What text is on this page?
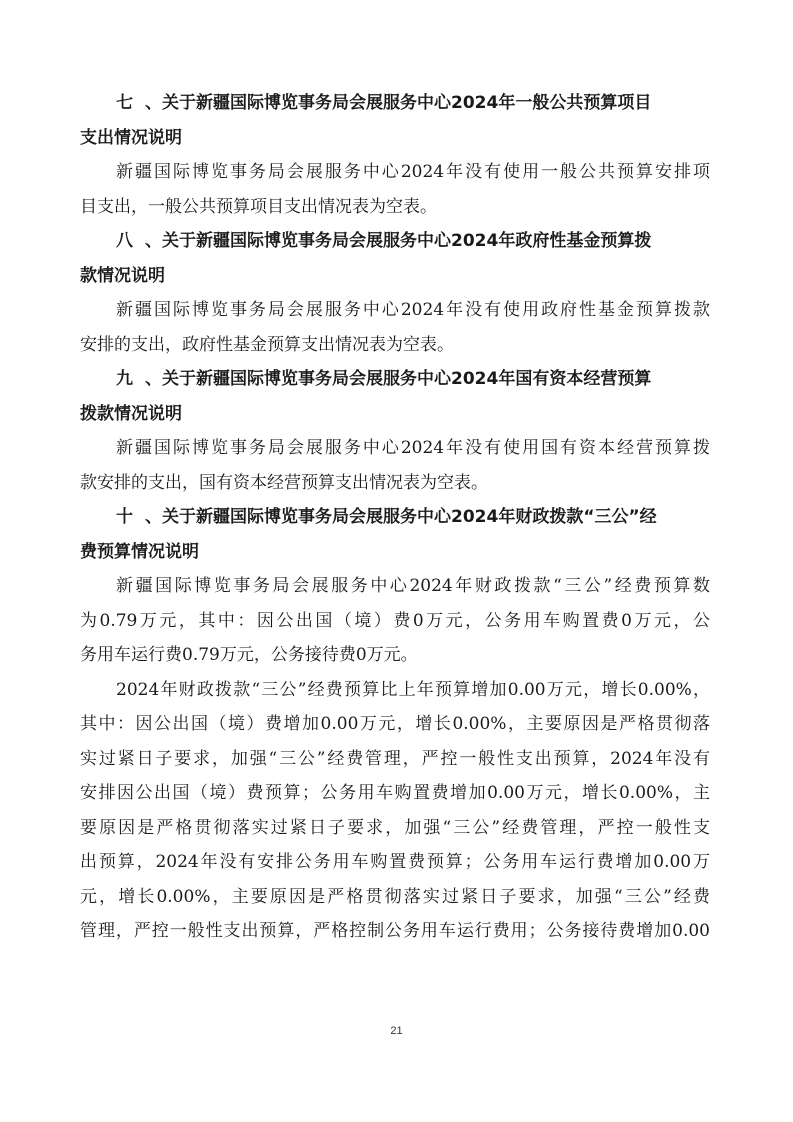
七、关于新疆国际博览事务局会展服务中心2024年一般公共预算项目
支出情况说明
新疆国际博览事务局会展服务中心2024年没有使用一般公共预算安排项
目支出，一般公共预算项目支出情况表为空表。
八、关于新疆国际博览事务局会展服务中心2024年政府性基金预算拨
款情况说明
新疆国际博览事务局会展服务中心2024年没有使用政府性基金预算拨款
安排的支出，政府性基金预算支出情况表为空表。
九、关于新疆国际博览事务局会展服务中心2024年国有资本经营预算
拨款情况说明
新疆国际博览事务局会展服务中心2024年没有使用国有资本经营预算拨
款安排的支出，国有资本经营预算支出情况表为空表。
十、关于新疆国际博览事务局会展服务中心2024年财政拨款“三公”经
费预算情况说明
新疆国际博览事务局会展服务中心2024年财政拨款“三公”经费预算数
为0.79万元，其中：因公出国（境）费0万元，公务用车购置费0万元，公
务用车运行费0.79万元，公务接待费0万元。
2024年财政拨款“三公”经费预算比上年预算增加0.00万元，增长0.00%，
其中：因公出国（境）费增加0.00万元，增长0.00%，主要原因是严格贯彻落
实过紧日子要求，加强“三公”经费管理，严控一般性支出预算，2024年没有
安排因公出国（境）费预算；公务用车购置费增加0.00万元，增长0.00%，主
要原因是严格贯彻落实过紧日子要求，加强“三公”经费管理，严控一般性支
出预算，2024年没有安排公务用车购置费预算；公务用车运行费增加0.00万
元，增长0.00%，主要原因是严格贯彻落实过紧日子要求，加强“三公”经费
管理，严控一般性支出预算，严格控制公务用车运行费用；公务接待费增加0.00
21
